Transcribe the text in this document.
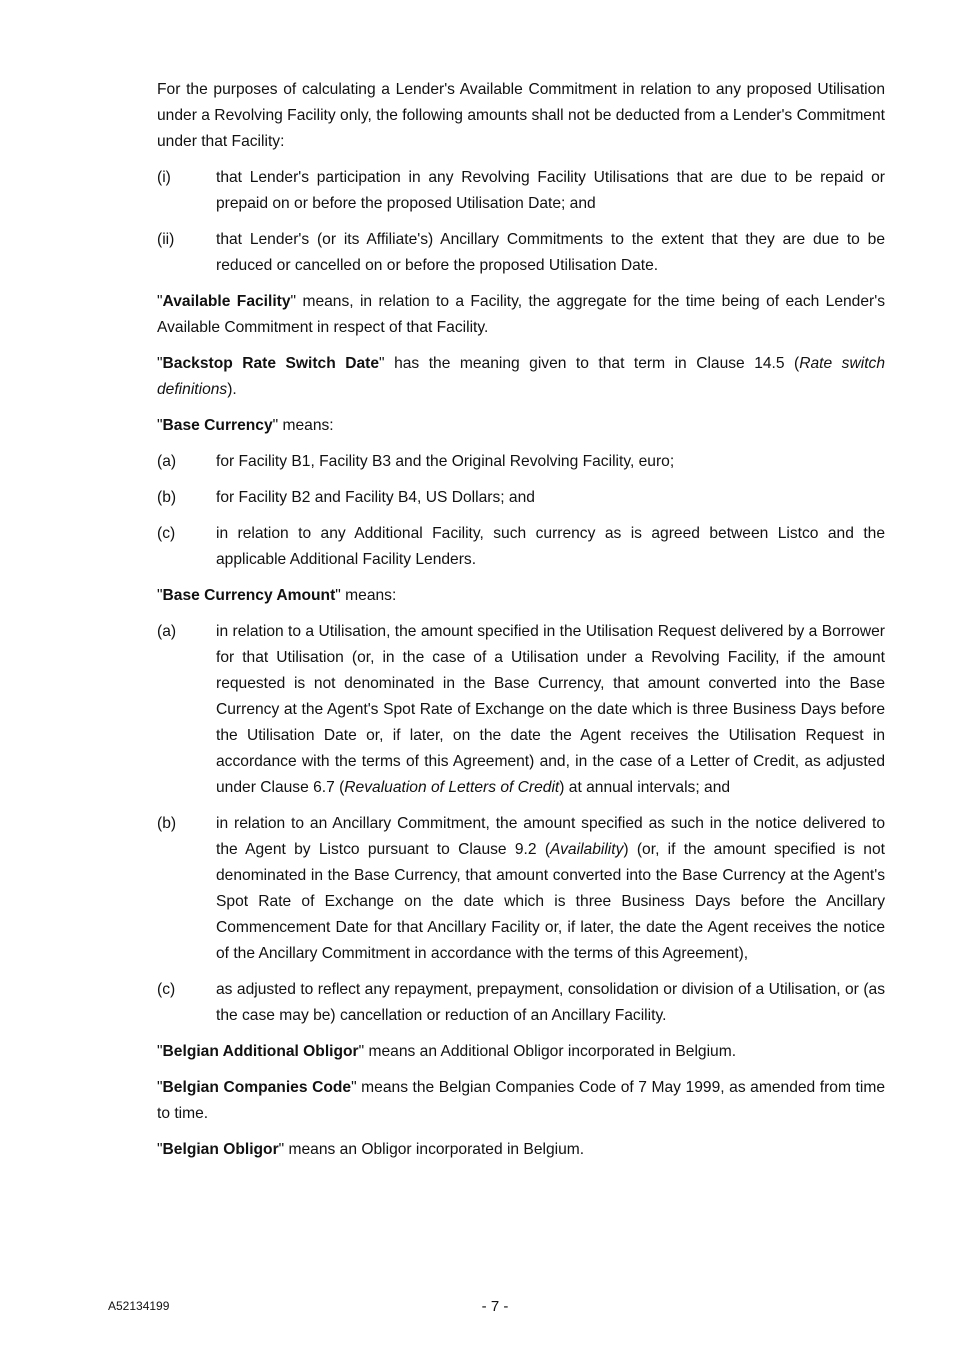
For the purposes of calculating a Lender's Available Commitment in relation to any proposed Utilisation under a Revolving Facility only, the following amounts shall not be deducted from a Lender's Commitment under that Facility:

(i)	that Lender's participation in any Revolving Facility Utilisations that are due to be repaid or prepaid on or before the proposed Utilisation Date; and
(ii)	that Lender's (or its Affiliate's) Ancillary Commitments to the extent that they are due to be reduced or cancelled on or before the proposed Utilisation Date.

"Available Facility" means, in relation to a Facility, the aggregate for the time being of each Lender's Available Commitment in respect of that Facility.

"Backstop Rate Switch Date" has the meaning given to that term in Clause 14.5 (Rate switch definitions).

"Base Currency" means:

(a)	for Facility B1, Facility B3 and the Original Revolving Facility, euro;
(b)	for Facility B2 and Facility B4, US Dollars; and
(c)	in relation to any Additional Facility, such currency as is agreed between Listco and the applicable Additional Facility Lenders.

"Base Currency Amount" means:

(a)	in relation to a Utilisation, the amount specified in the Utilisation Request delivered by a Borrower for that Utilisation (or, in the case of a Utilisation under a Revolving Facility, if the amount requested is not denominated in the Base Currency, that amount converted into the Base Currency at the Agent's Spot Rate of Exchange on the date which is three Business Days before the Utilisation Date or, if later, on the date the Agent receives the Utilisation Request in accordance with the terms of this Agreement) and, in the case of a Letter of Credit, as adjusted under Clause 6.7 (Revaluation of Letters of Credit) at annual intervals; and
(b)	in relation to an Ancillary Commitment, the amount specified as such in the notice delivered to the Agent by Listco pursuant to Clause 9.2 (Availability) (or, if the amount specified is not denominated in the Base Currency, that amount converted into the Base Currency at the Agent's Spot Rate of Exchange on the date which is three Business Days before the Ancillary Commencement Date for that Ancillary Facility or, if later, the date the Agent receives the notice of the Ancillary Commitment in accordance with the terms of this Agreement),
(c)	as adjusted to reflect any repayment, prepayment, consolidation or division of a Utilisation, or (as the case may be) cancellation or reduction of an Ancillary Facility.

"Belgian Additional Obligor" means an Additional Obligor incorporated in Belgium.

"Belgian Companies Code" means the Belgian Companies Code of 7 May 1999, as amended from time to time.

"Belgian Obligor" means an Obligor incorporated in Belgium.

A52134199	- 7 -
